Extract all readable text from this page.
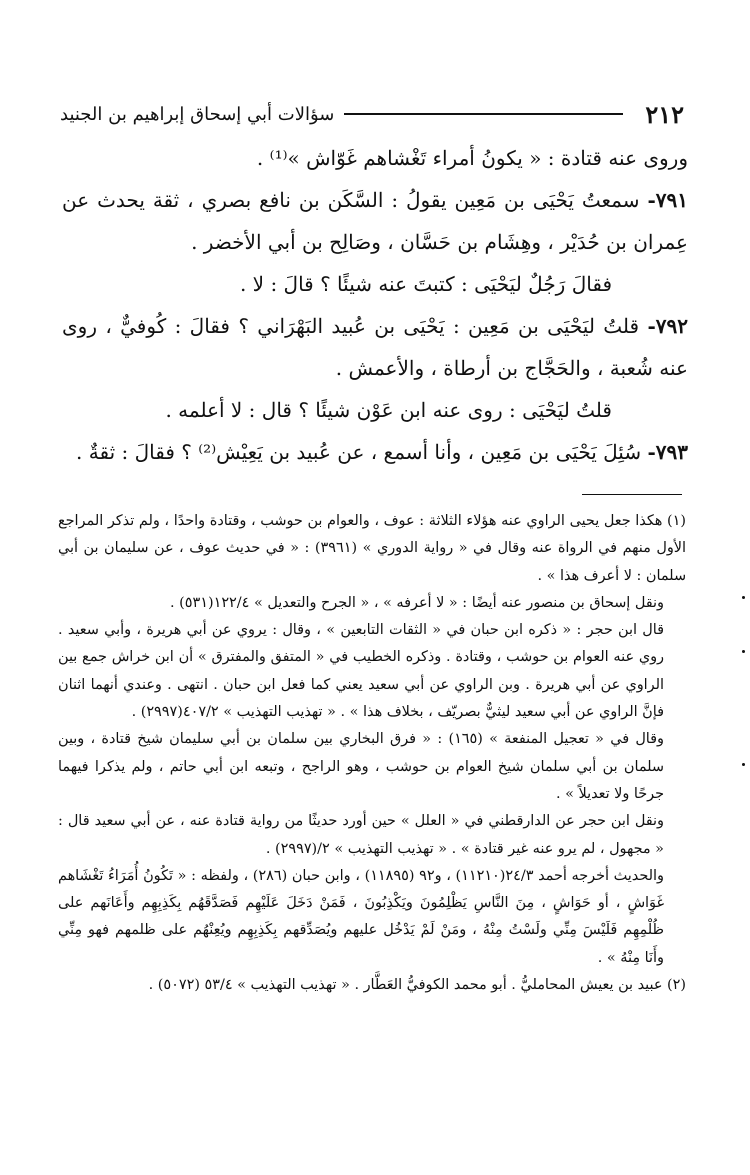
٢١٢
سؤالات أبي إسحاق إبراهيم بن الجنيد

وروى عنه قتادة : « يكونُ أمراء تَغْشاهم غَوّاش »⁽¹⁾ .

٧٩١- سمعتُ يَحْيَى بن مَعِين يقولُ : السَّكَن بن نافع بصري ، ثقة يحدث عن عِمران بن حُدَيْر ، وهِشَام بن حَسَّان ، وصَالِح بن أبي الأخضر .

فقالَ رَجُلٌ ليَحْيَى : كتبتَ عنه شيئًا ؟ قالَ : لا .

٧٩٢- قلتُ ليَحْيَى بن مَعِين : يَحْيَى بن عُبيد البَهْرَاني ؟ فقالَ : كُوفيٌّ ، روى عنه شُعبة ، والحَجَّاج بن أرطاة ، والأعمش .

قلتُ ليَحْيَى : روى عنه ابن عَوْن شيئًا ؟ قال : لا أعلمه .

٧٩٣- سُئِلَ يَحْيَى بن مَعِين ، وأنا أسمع ، عن عُبيد بن يَعِيْش⁽²⁾ ؟ فقالَ : ثقةٌ .

(١) هكذا جعل يحيى الراوي عنه هؤلاء الثلاثة : عوف ، والعوام بن حوشب ، وقتادة واحدًا ، ولم تذكر المراجع الأول منهم في الرواة عنه وقال في « رواية الدوري » (٣٩٦١) : « في حديث عوف ، عن سليمان بن أبي سلمان : لا أعرف هذا » .

ونقل إسحاق بن منصور عنه أيضًا : « لا أعرفه » ، « الجرح والتعديل » ١٢٢/٤(٥٣١) .

قال ابن حجر : « ذكره ابن حبان في « الثقات التابعين » ، وقال : يروي عن أبي هريرة ، وأبي سعيد . روي عنه العوام بن حوشب ، وقتادة . وذكره الخطيب في « المتفق والمفترق » أن ابن خراش جمع بين الراوي عن أبي هريرة . وبن الراوي عن أبي سعيد يعني كما فعل ابن حبان . انتهى . وعندي أنهما اثنان فإنَّ الراوي عن أبي سعيد ليثيٌّ بصريّف ، بخلاف هذا » . « تهذيب التهذيب » ٤٠٧/٢(٢٩٩٧) .

وقال في « تعجيل المنفعة » (١٦٥) : « فرق البخاري بين سلمان بن أبي سليمان شيخ قتادة ، وبين سلمان بن أبي سلمان شيخ العوام بن حوشب ، وهو الراجح ، وتبعه ابن أبي حاتم ، ولم يذكرا فيهما جرحًا ولا تعديلاً » .

ونقل ابن حجر عن الدارقطني في « العلل » حين أورد حديثًا من رواية قتادة عنه ، عن أبي سعيد قال : « مجهول ، لم يرو عنه غير قتادة » . « تهذيب التهذيب » ٢/(٢٩٩٧) .

والحديث أخرجه أحمد ٢٤/٣(١١٢١٠) ، و٩٢ (١١٨٩٥) ، وابن حبان (٢٨٦) ، ولفظه : « تَكُونُ أُمَرَاءُ تَغْشَاهم غَوَاشٍ ، أو حَوَاشٍ ، مِنَ النَّاسِ يَظْلِمُونَ ويَكْذِبُونَ ، فَمَنْ دَخَلَ عَلَيْهِم فَصَدَّقَهُم بِكَذِبِهِم وأَعَانَهم على ظُلْمِهِم فَلَيْسَ مِنِّي ولَسْتُ مِنْهُ ، ومَنْ لَمْ يَدْخُل عليهم ويُصَدِّقهم بِكَذِبِهِم ويُعِنْهُم على ظلمهم فهو مِنِّي وأَنَا مِنْهُ » .

(٢) عبيد بن يعيش المحامليُّ . أبو محمد الكوفيُّ العَطَّار . « تهذيب التهذيب » ٥٣/٤ (٥٠٧٢) .
